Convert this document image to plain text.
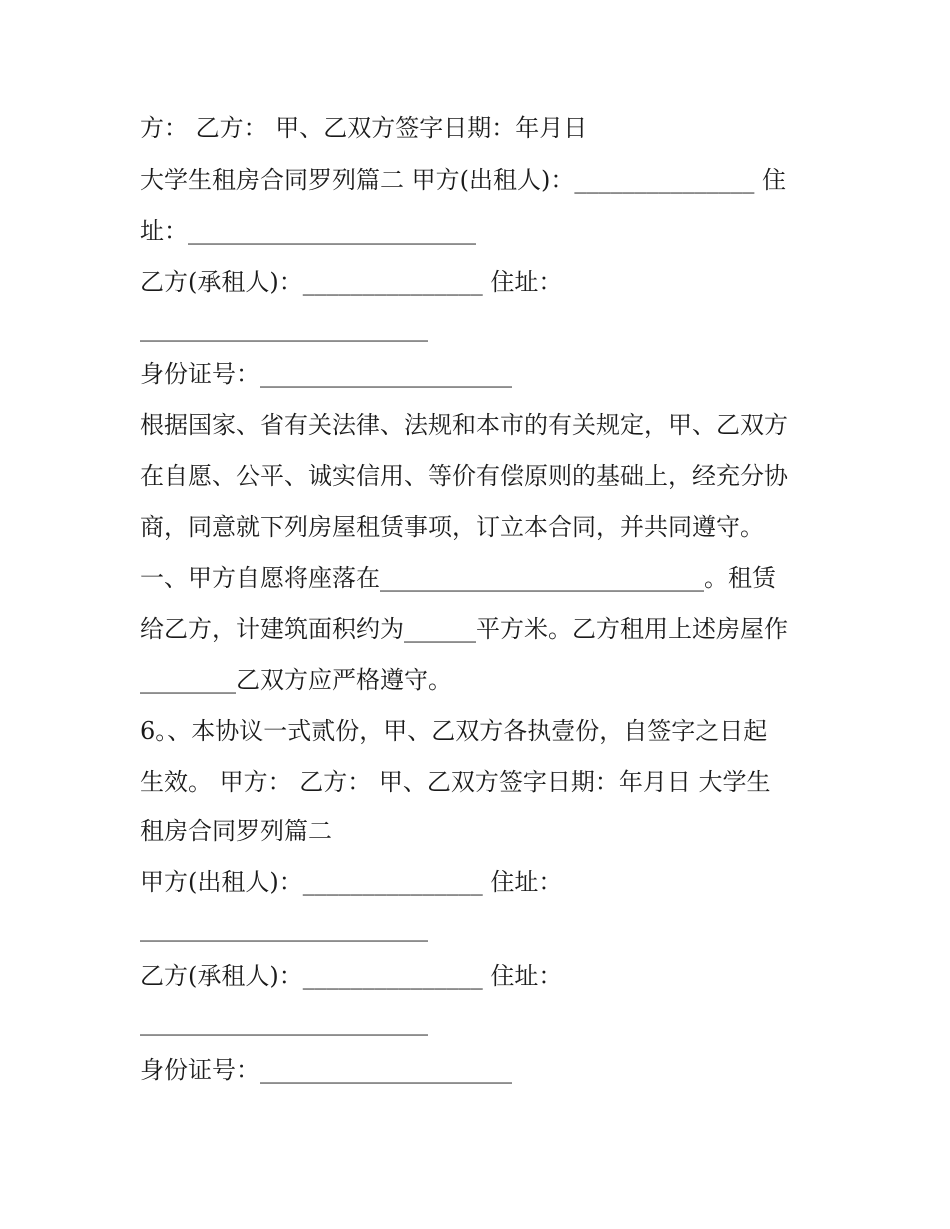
方： 乙方： 甲、乙双方签字日期：年月日
大学生租房合同罗列篇二 甲方(出租人)：_______________ 住
址：________________________
乙方(承租人)：_______________ 住址：
________________________
身份证号：_____________________
根据国家、省有关法律、法规和本市的有关规定，甲、乙双方
在自愿、公平、诚实信用、等价有偿原则的基础上，经充分协
商，同意就下列房屋租赁事项，订立本合同，并共同遵守。
一、甲方自愿将座落在___________________________。租赁
给乙方，计建筑面积约为______平方米。乙方租用上述房屋作
________乙双方应严格遵守。
6。、本协议一式贰份，甲、乙双方各执壹份，自签字之日起
生效。 甲方： 乙方： 甲、乙双方签字日期：年月日 大学生
租房合同罗列篇二
甲方(出租人)：_______________ 住址：
________________________
乙方(承租人)：_______________ 住址：
________________________
身份证号：_____________________
